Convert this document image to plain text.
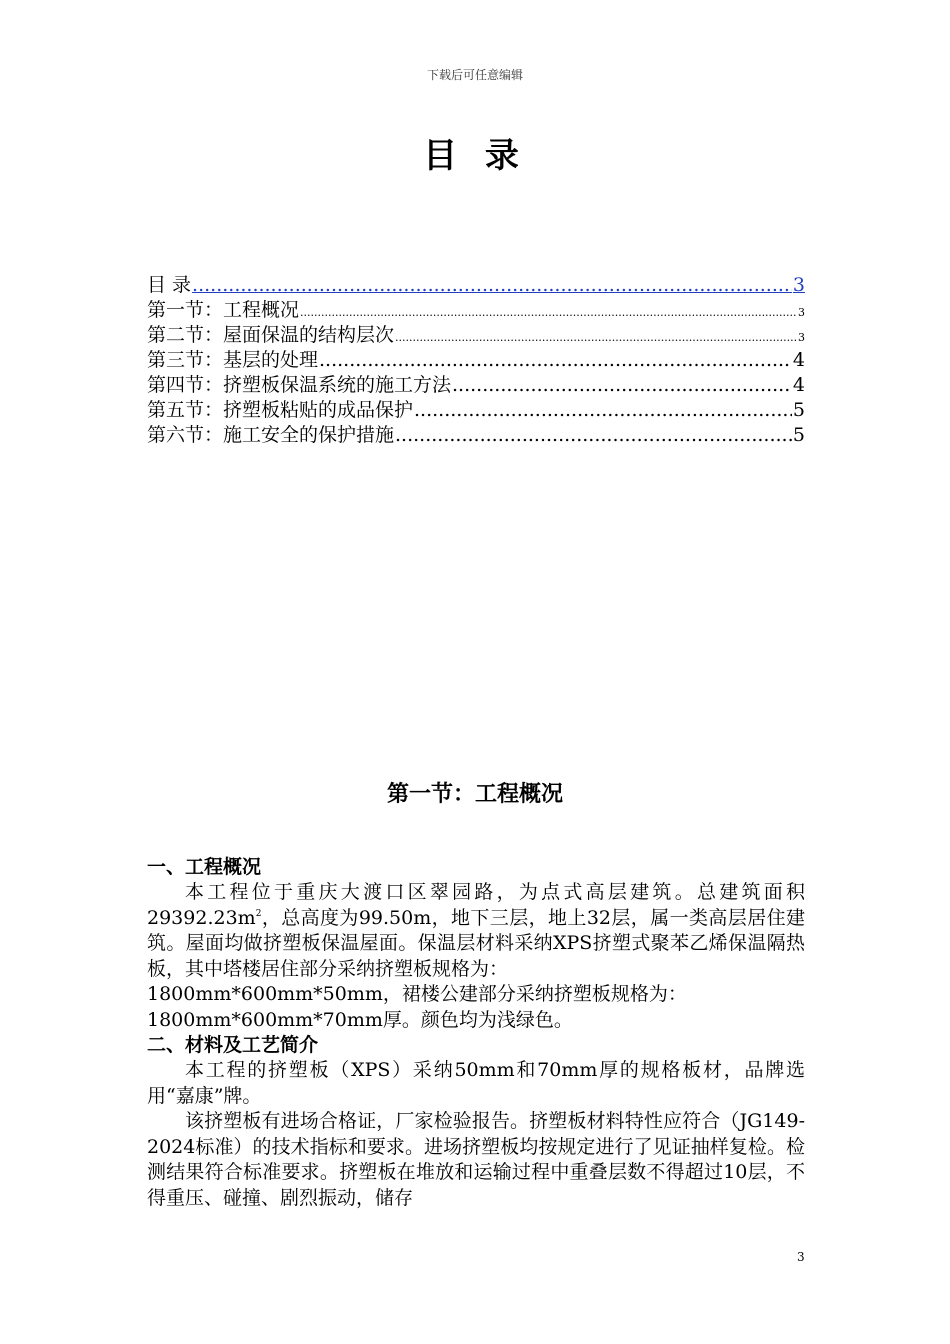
下载后可任意编辑
目 录
目 录 .....	3
第一节：工程概况 .....	3
第二节：屋面保温的结构层次 .....	3
第三节：基层的处理 .....	4
第四节：挤塑板保温系统的施工方法 .....	4
第五节：挤塑板粘贴的成品保护 .....	5
第六节：施工安全的保护措施 .....	5
第一节：工程概况
一、工程概况

本工程位于重庆大渡口区翠园路，为点式高层建筑。总建筑面积$29392.23m^2$，总高度为99.50m，地下三层，地上32层，属一类高层居住建筑。屋面均做挤塑板保温屋面。保温层材料采纳XPS挤塑式聚苯乙烯保温隔热板，其中塔楼居住部分采纳挤塑板规格为：

1800mm*600mm*50mm，裙楼公建部分采纳挤塑板规格为：

1800mm*600mm*70mm厚。颜色均为浅绿色。

二、材料及工艺简介

本工程的挤塑板（XPS）采纳50mm和70mm厚的规格板材，品牌选用“嘉康”牌。

该挤塑板有进场合格证，厂家检验报告。挤塑板材料特性应符合（JG149-2024标准）的技术指标和要求。进场挤塑板均按规定进行了见证抽样复检。检测结果符合标准要求。挤塑板在堆放和运输过程中重叠层数不得超过10层，不得重压、碰撞、剧烈振动，储存

3
